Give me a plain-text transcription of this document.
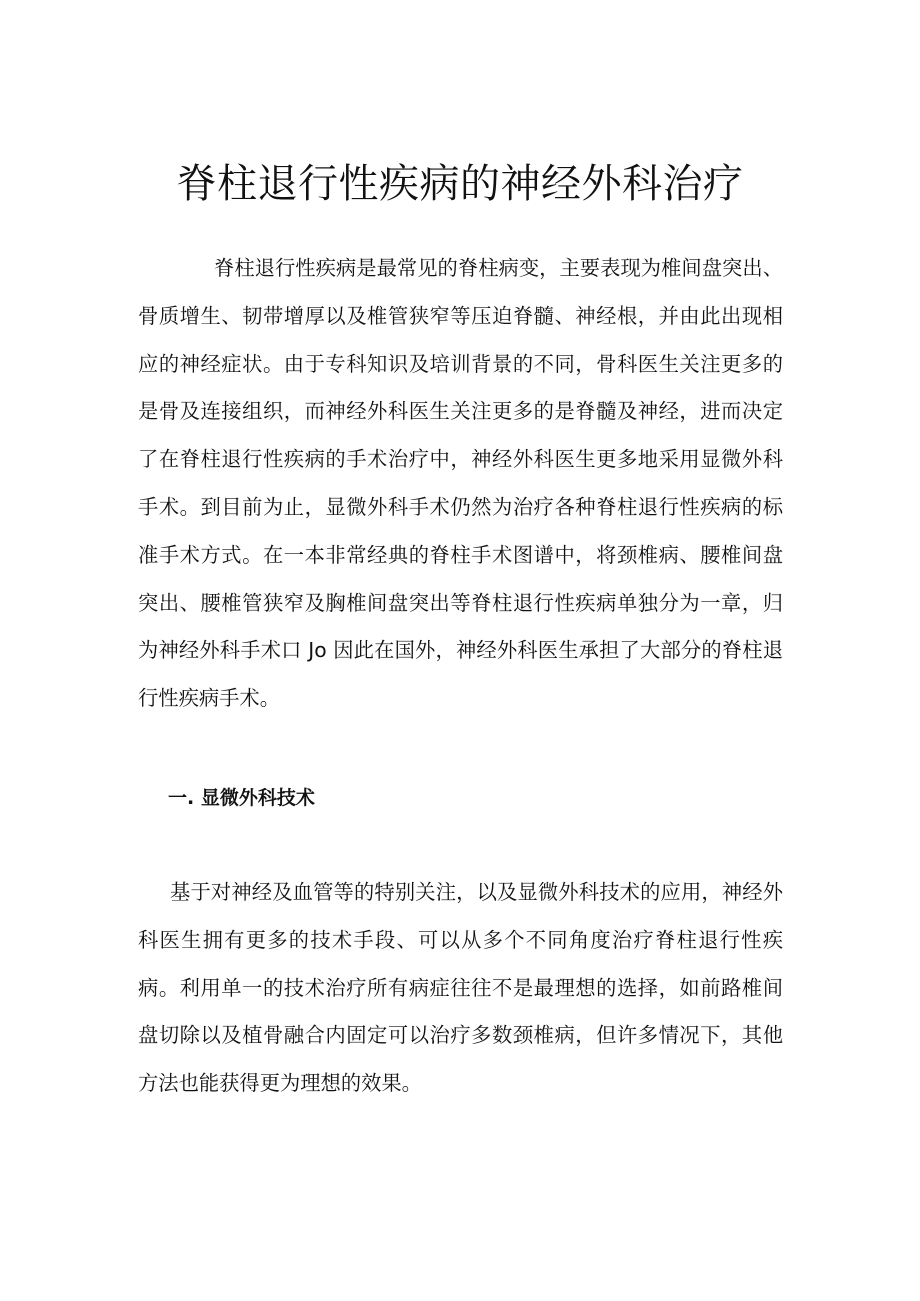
脊柱退行性疾病的神经外科治疗

脊柱退行性疾病是最常见的脊柱病变，主要表现为椎间盘突出、骨质增生、韧带增厚以及椎管狭窄等压迫脊髓、神经根，并由此出现相应的神经症状。由于专科知识及培训背景的不同，骨科医生关注更多的是骨及连接组织，而神经外科医生关注更多的是脊髓及神经，进而决定了在脊柱退行性疾病的手术治疗中，神经外科医生更多地采用显微外科手术。到目前为止，显微外科手术仍然为治疗各种脊柱退行性疾病的标准手术方式。在一本非常经典的脊柱手术图谱中，将颈椎病、腰椎间盘突出、腰椎管狭窄及胸椎间盘突出等脊柱退行性疾病单独分为一章，归为神经外科手术口 Jo 因此在国外，神经外科医生承担了大部分的脊柱退行性疾病手术。

一. 显微外科技术

基于对神经及血管等的特别关注，以及显微外科技术的应用，神经外科医生拥有更多的技术手段、可以从多个不同角度治疗脊柱退行性疾病。利用单一的技术治疗所有病症往往不是最理想的选择，如前路椎间盘切除以及植骨融合内固定可以治疗多数颈椎病，但许多情况下，其他方法也能获得更为理想的效果。
